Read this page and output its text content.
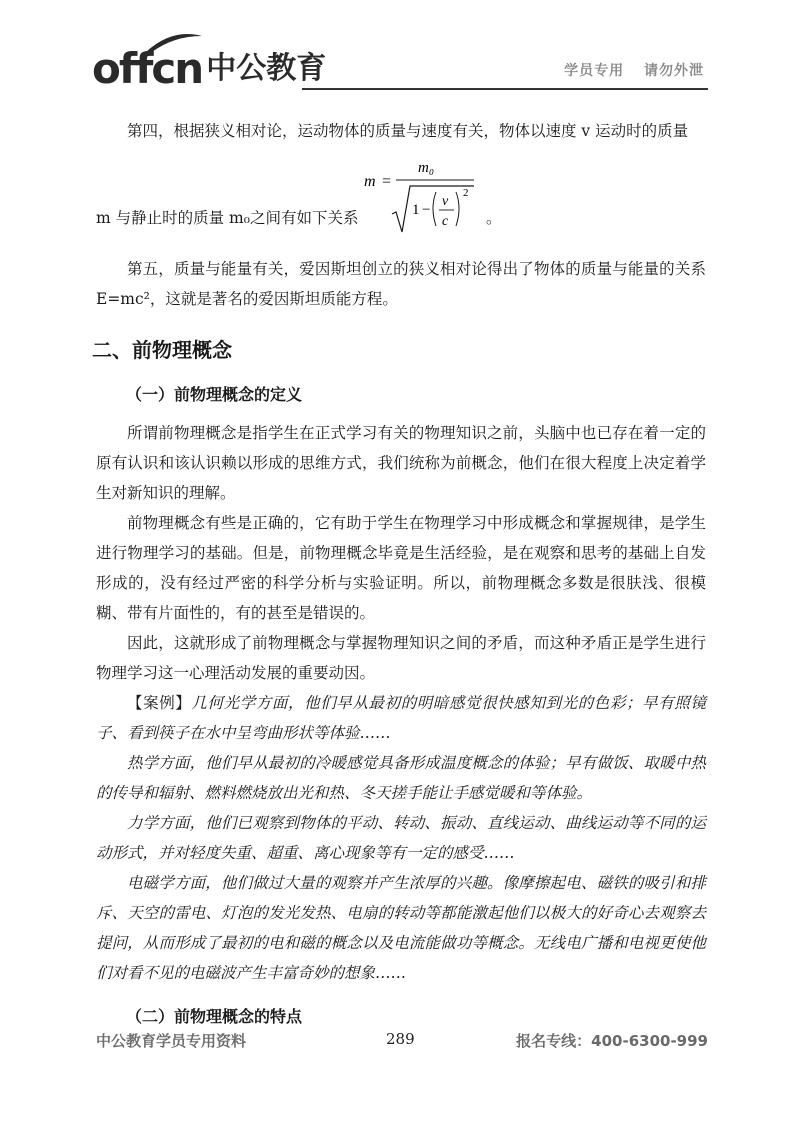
offcn 中公教育	学员专用 请勿外泄

第四，根据狭义相对论，运动物体的质量与速度有关，物体以速度 v 运动时的质量

m 与静止时的质量 m₀之间有如下关系
m =
m₀
1 −
v
c
2
。

第五，质量与能量有关，爱因斯坦创立的狭义相对论得出了物体的质量与能量的关系 E=mc²，这就是著名的爱因斯坦质能方程。

二、前物理概念
（一）前物理概念的定义

所谓前物理概念是指学生在正式学习有关的物理知识之前，头脑中也已存在着一定的原有认识和该认识赖以形成的思维方式，我们统称为前概念，他们在很大程度上决定着学生对新知识的理解。

前物理概念有些是正确的，它有助于学生在物理学习中形成概念和掌握规律，是学生进行物理学习的基础。但是，前物理概念毕竟是生活经验，是在观察和思考的基础上自发形成的，没有经过严密的科学分析与实验证明。所以，前物理概念多数是很肤浅、很模糊、带有片面性的，有的甚至是错误的。

因此，这就形成了前物理概念与掌握物理知识之间的矛盾，而这种矛盾正是学生进行物理学习这一心理活动发展的重要动因。

【案例】几何光学方面，他们早从最初的明暗感觉很快感知到光的色彩；早有照镜子、看到筷子在水中呈弯曲形状等体验……

热学方面，他们早从最初的冷暖感觉具备形成温度概念的体验；早有做饭、取暖中热的传导和辐射、燃料燃烧放出光和热、冬天搓手能让手感觉暖和等体验。

力学方面，他们已观察到物体的平动、转动、振动、直线运动、曲线运动等不同的运动形式，并对轻度失重、超重、离心现象等有一定的感受……

电磁学方面，他们做过大量的观察并产生浓厚的兴趣。像摩擦起电、磁铁的吸引和排斥、天空的雷电、灯泡的发光发热、电扇的转动等都能激起他们以极大的好奇心去观察去提问，从而形成了最初的电和磁的概念以及电流能做功等概念。无线电广播和电视更使他们对看不见的电磁波产生丰富奇妙的想象……

（二）前物理概念的特点
中公教育学员专用资料	289	报名专线：400-6300-999
